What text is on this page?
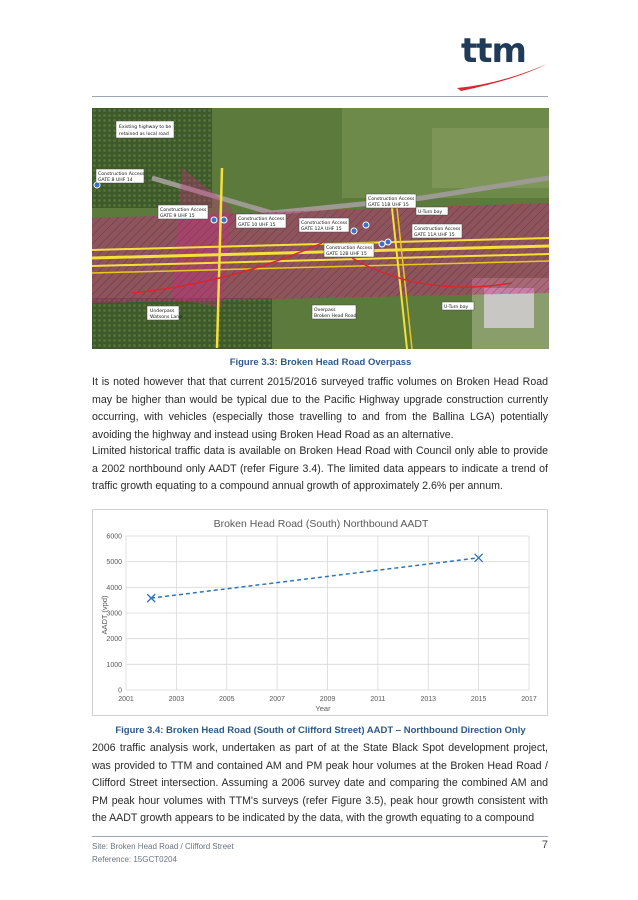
ttm
Existing highway to be
retained as local road
Construction Access
GATE 8 UHF 14
Construction Access
GATE 9 UHF 15
Construction Access
GATE 10 UHF 15	Construction Access
GATE 12A UHF 15
Construction Access
GATE 12B UHF 15
Construction Access
GATE 11B UHF 15
Construction Access
GATE 11A UHF 15
U-Turn bay
U-Turn bay
Underpass
Watsons Lane
Overpass
Broken Head Road
Figure 3.3: Broken Head Road Overpass
It is noted however that that current 2015/2016 surveyed traffic volumes on Broken Head Road may be higher than would be typical due to the Pacific Highway upgrade construction currently occurring, with vehicles (especially those travelling to and from the Ballina LGA) potentially avoiding the highway and instead using Broken Head Road as an alternative.
Limited historical traffic data is available on Broken Head Road with Council only able to provide a 2002 northbound only AADT (refer Figure 3.4). The limited data appears to indicate a trend of traffic growth equating to a compound annual growth of approximately 2.6% per annum.
Broken Head Road (South) Northbound AADT
2001	2003	2005	2007	2009	2011	2013	2015	2017
0
1000
2000
3000
4000
5000
6000
Year
AADT (vpd)
Figure 3.4: Broken Head Road (South of Clifford Street) AADT – Northbound Direction Only
2006 traffic analysis work, undertaken as part of at the State Black Spot development project, was provided to TTM and contained AM and PM peak hour volumes at the Broken Head Road / Clifford Street intersection. Assuming a 2006 survey date and comparing the combined AM and PM peak hour volumes with TTM's surveys (refer Figure 3.5), peak hour growth consistent with the AADT growth appears to be indicated by the data, with the growth equating to a compound
Site: Broken Head Road / Clifford Street
Reference: 15GCT0204
7
